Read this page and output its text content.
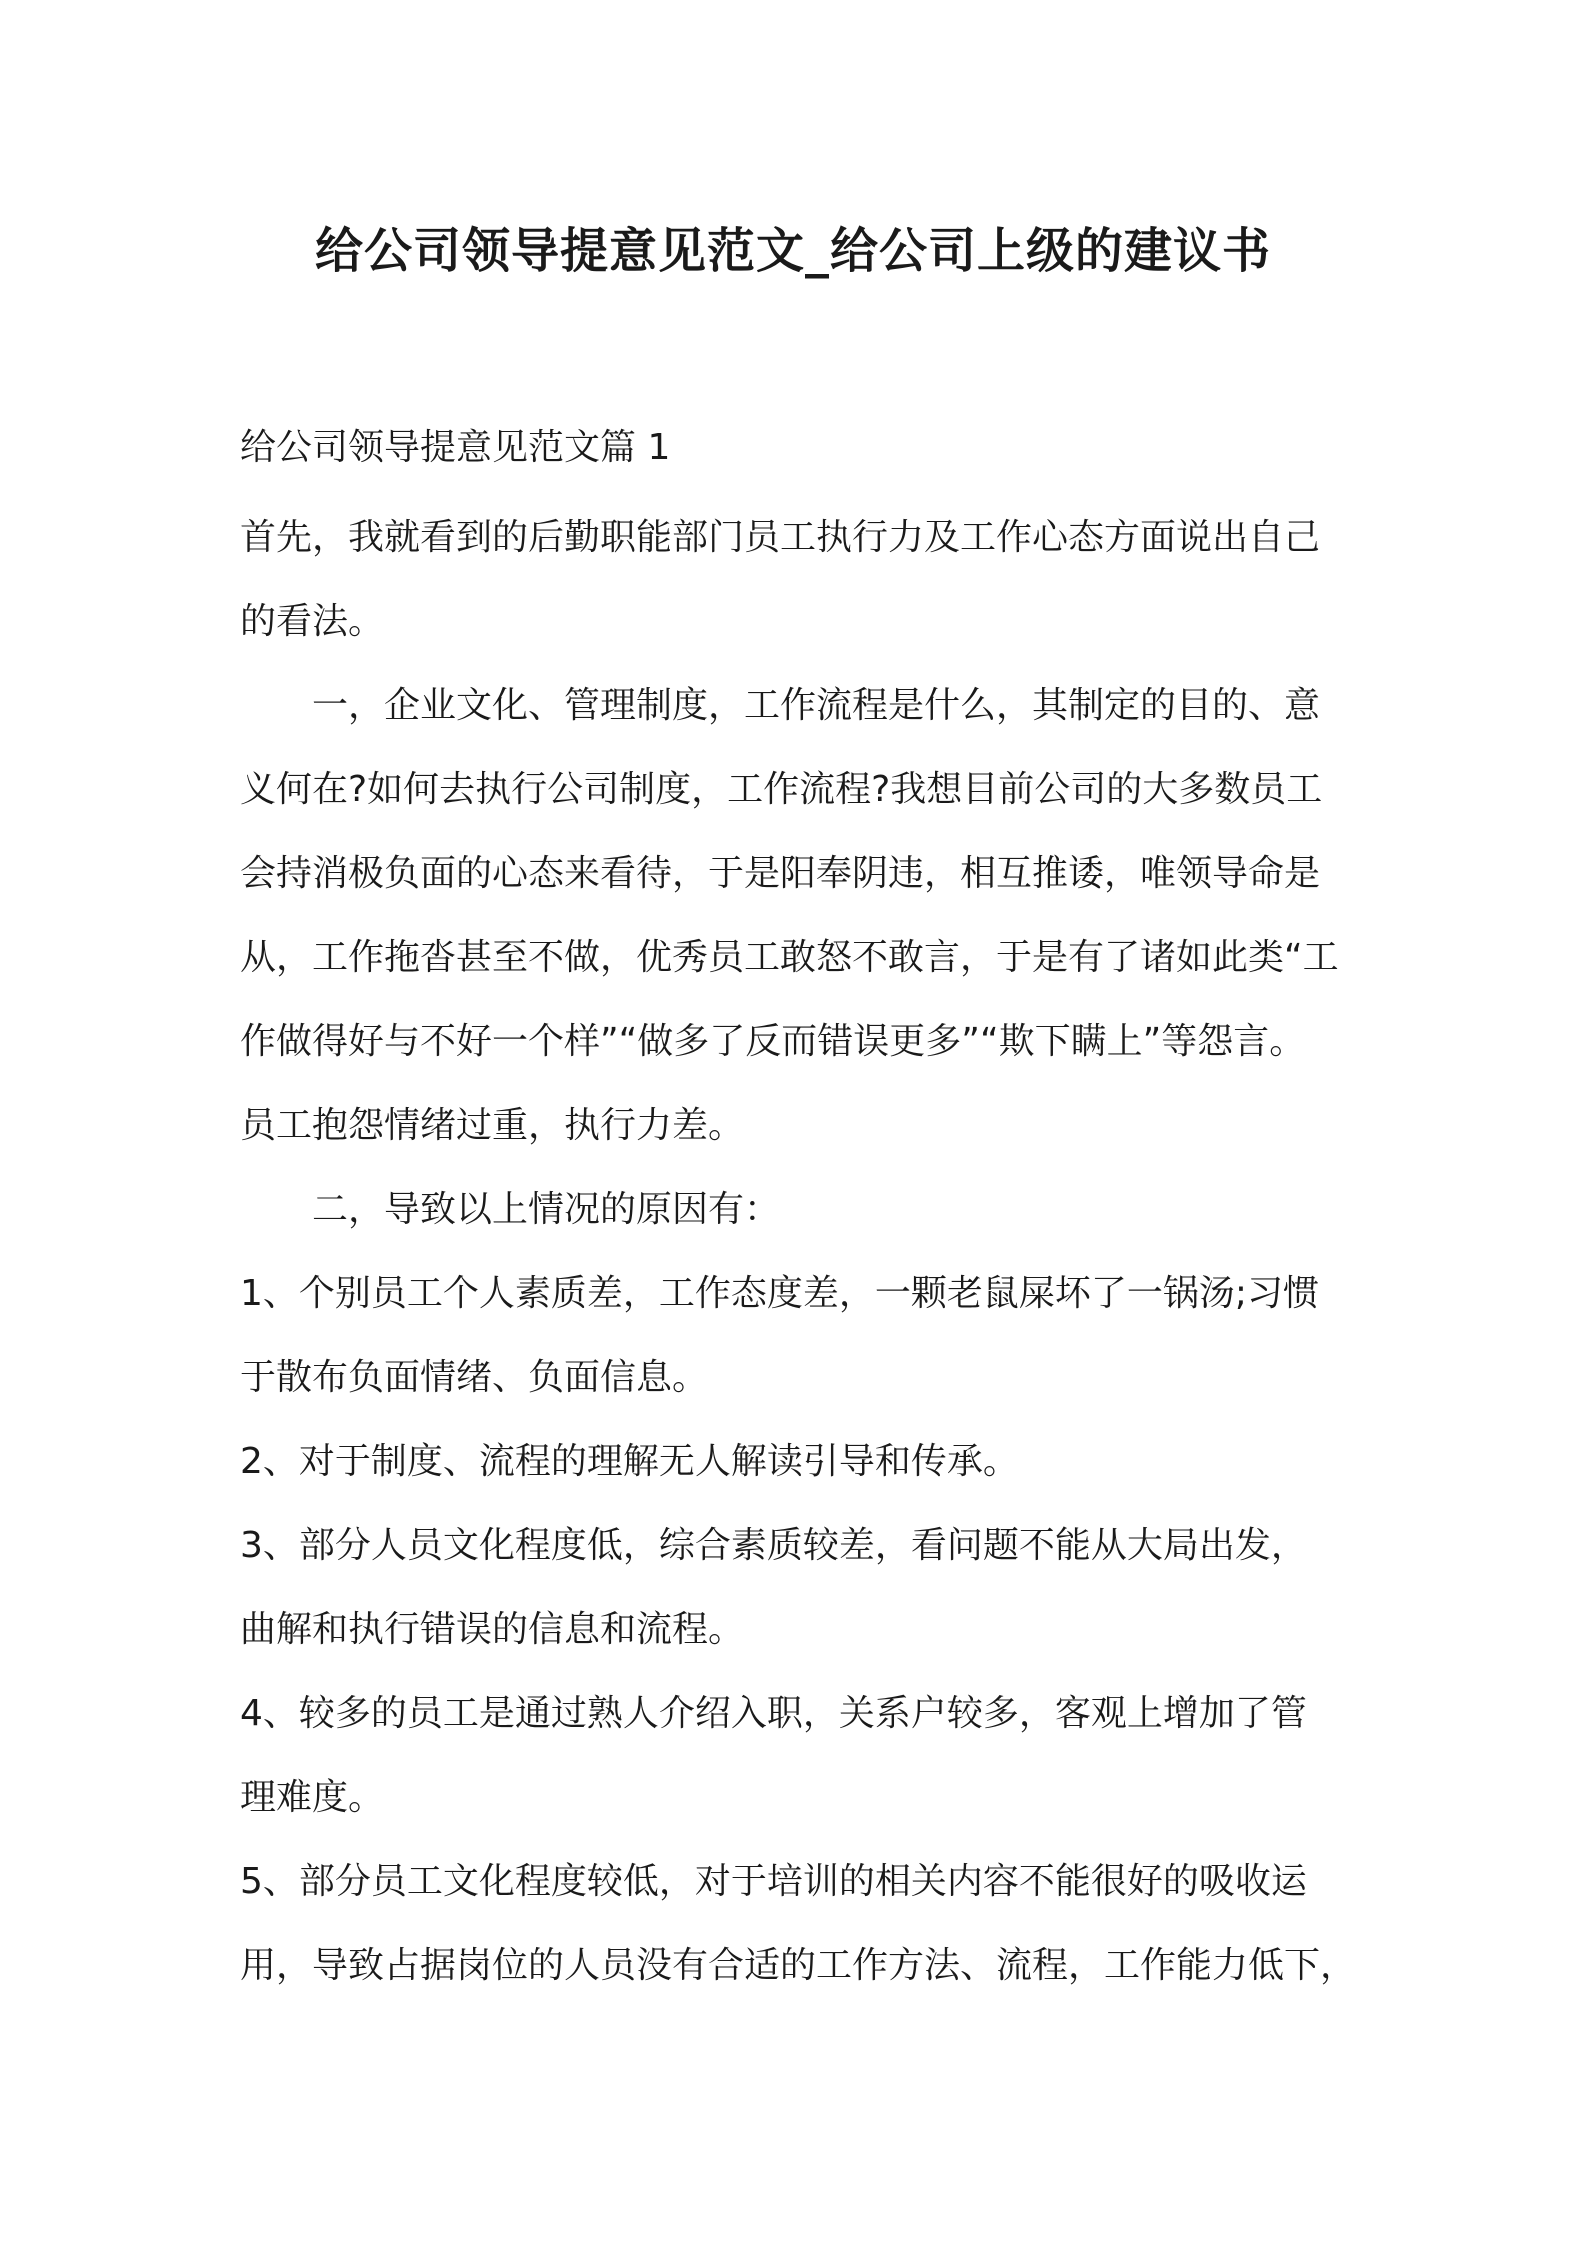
给公司领导提意见范文_给公司上级的建议书

给公司领导提意见范文篇 1

首先，我就看到的后勤职能部门员工执行力及工作心态方面说出自己

的看法。

一，企业文化、管理制度，工作流程是什么，其制定的目的、意

义何在?如何去执行公司制度，工作流程?我想目前公司的大多数员工

会持消极负面的心态来看待，于是阳奉阴违，相互推诿，唯领导命是

从，工作拖沓甚至不做，优秀员工敢怒不敢言，于是有了诸如此类“工

作做得好与不好一个样”“做多了反而错误更多”“欺下瞒上”等怨言。

员工抱怨情绪过重，执行力差。

二，导致以上情况的原因有：

1、个别员工个人素质差，工作态度差，一颗老鼠屎坏了一锅汤;习惯

于散布负面情绪、负面信息。

2、对于制度、流程的理解无人解读引导和传承。

3、部分人员文化程度低，综合素质较差，看问题不能从大局出发，

曲解和执行错误的信息和流程。

4、较多的员工是通过熟人介绍入职，关系户较多，客观上增加了管

理难度。

5、部分员工文化程度较低，对于培训的相关内容不能很好的吸收运

用，导致占据岗位的人员没有合适的工作方法、流程，工作能力低下，
